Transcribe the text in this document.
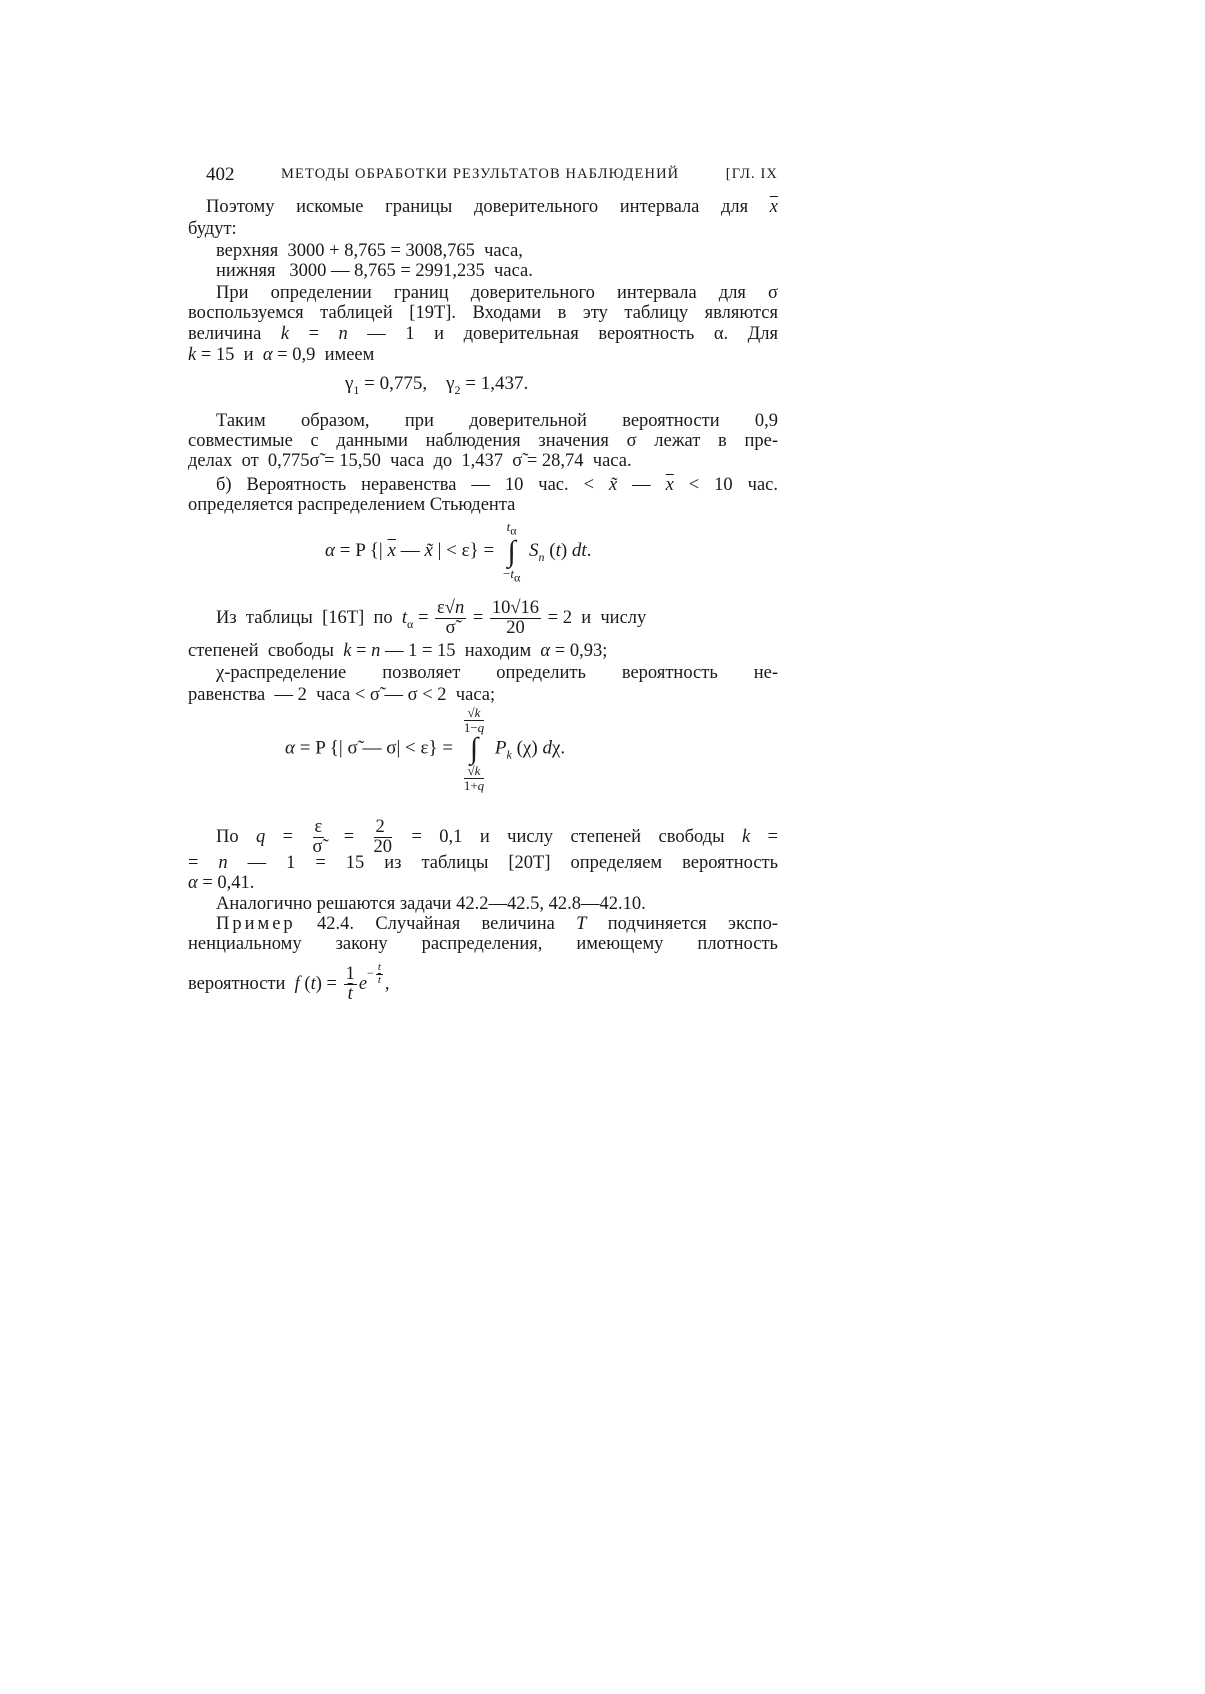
402	МЕТОДЫ ОБРАБОТКИ РЕЗУЛЬТАТОВ НАБЛЮДЕНИЙ	[ГЛ. IX
Поэтому искомые границы доверительного интервала для $\overline{x}$
будут:
верхняя  3000 + 8,765 = 3008,765  часа,
нижняя   3000 — 8,765 = 2991,235  часа.
При определении границ доверительного интервала для σ
воспользуемся таблицей [19Т]. Входами в эту таблицу являются
величина k = n — 1 и доверительная вероятность α. Для
k = 15  и  α = 0,9  имеем
$\gamma_1 = 0,775$,    $\gamma_2 = 1,437$.
Таким образом, при доверительной вероятности 0,9
совместимые с данными наблюдения значения σ лежат в пре-
делах  от  0,775σ̃ = 15,50  часа  до  1,437  σ̃ = 28,74  часа.
б) Вероятность неравенства — 10 час. < x̃ — $\overline{x} < 10$ час.
определяется распределением Стьюдента
α = P {| $\overline{x}$ — x̃ | < ε} =
$t_\alpha$
∫
$-t_\alpha$
$S_n$ (t) dt.
Из  таблицы  [16Т]  по  $t_\alpha = \frac{\varepsilon√n}{\sigmã} = \frac{10√16}{20} = 2$  и  числу
степеней  свободы  k = n — 1 = 15  находим  α = 0,93;
χ-распределение позволяет определить вероятность не-
равенства  — 2  часа < σ̃ — σ < 2  часа;
α = P {| σ̃ — σ| < ε} =
√k
1−q
∫
√k
1+q
$P_k$ (χ) dχ.
По $q = \frac{\varepsilon}{\sigmã} = \frac{2}{20} = 0,1$ и числу степеней свободы k =
= n — 1 = 15 из таблицы [20Т] определяем вероятность
α = 0,41.
Аналогично решаются задачи 42.2—42.5, 42.8—42.10.
Пример 42.4. Случайная величина T подчиняется экспо-
ненциальному закону распределения, имеющему плотность
вероятности  f $(t) = \frac{1}{t} e^{- \frac{t}{t}}$ ,
